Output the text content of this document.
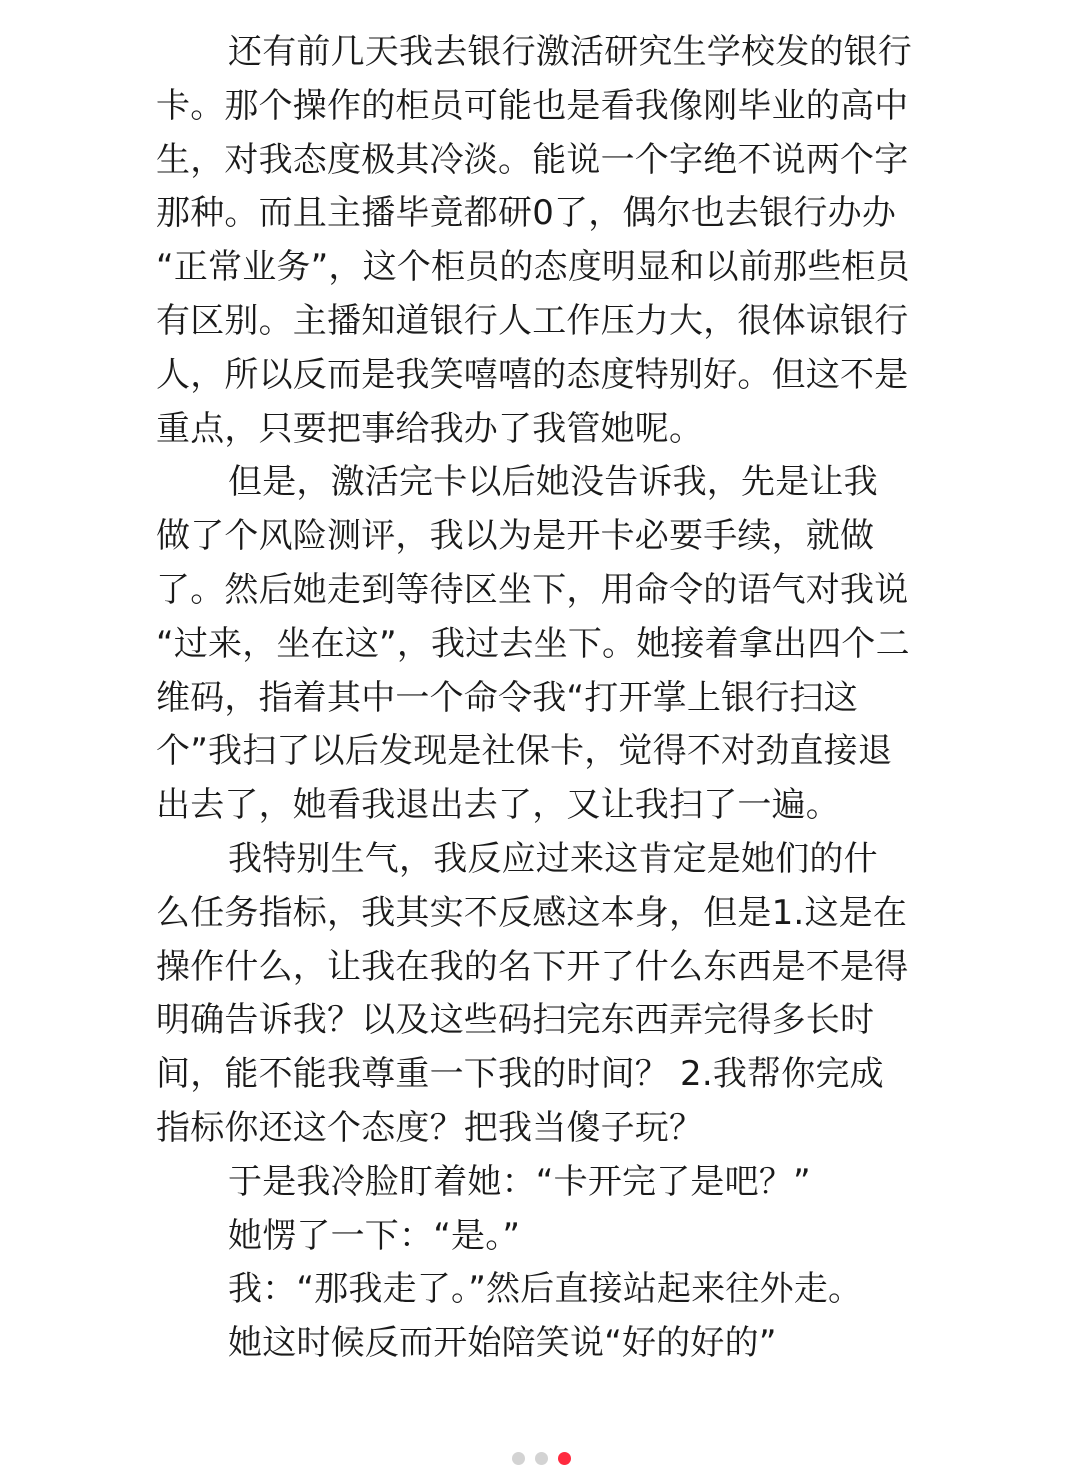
还有前几天我去银行激活研究生学校发的银行
卡。那个操作的柜员可能也是看我像刚毕业的高中
生，对我态度极其冷淡。能说一个字绝不说两个字
那种。而且主播毕竟都研0了，偶尔也去银行办办
“正常业务”，这个柜员的态度明显和以前那些柜员
有区别。主播知道银行人工作压力大，很体谅银行
人，所以反而是我笑嘻嘻的态度特别好。但这不是
重点，只要把事给我办了我管她呢。
但是，激活完卡以后她没告诉我，先是让我
做了个风险测评，我以为是开卡必要手续，就做
了。然后她走到等待区坐下，用命令的语气对我说
“过来，坐在这”，我过去坐下。她接着拿出四个二
维码，指着其中一个命令我“打开掌上银行扫这
个”我扫了以后发现是社保卡，觉得不对劲直接退
出去了，她看我退出去了，又让我扫了一遍。
我特别生气，我反应过来这肯定是她们的什
么任务指标，我其实不反感这本身，但是1.这是在
操作什么，让我在我的名下开了什么东西是不是得
明确告诉我？以及这些码扫完东西弄完得多长时
间，能不能我尊重一下我的时间？ 2.我帮你完成
指标你还这个态度？把我当傻子玩？
于是我冷脸盯着她：“卡开完了是吧？”
她愣了一下：“是。”
我：“那我走了。”然后直接站起来往外走。
她这时候反而开始陪笑说“好的好的”
